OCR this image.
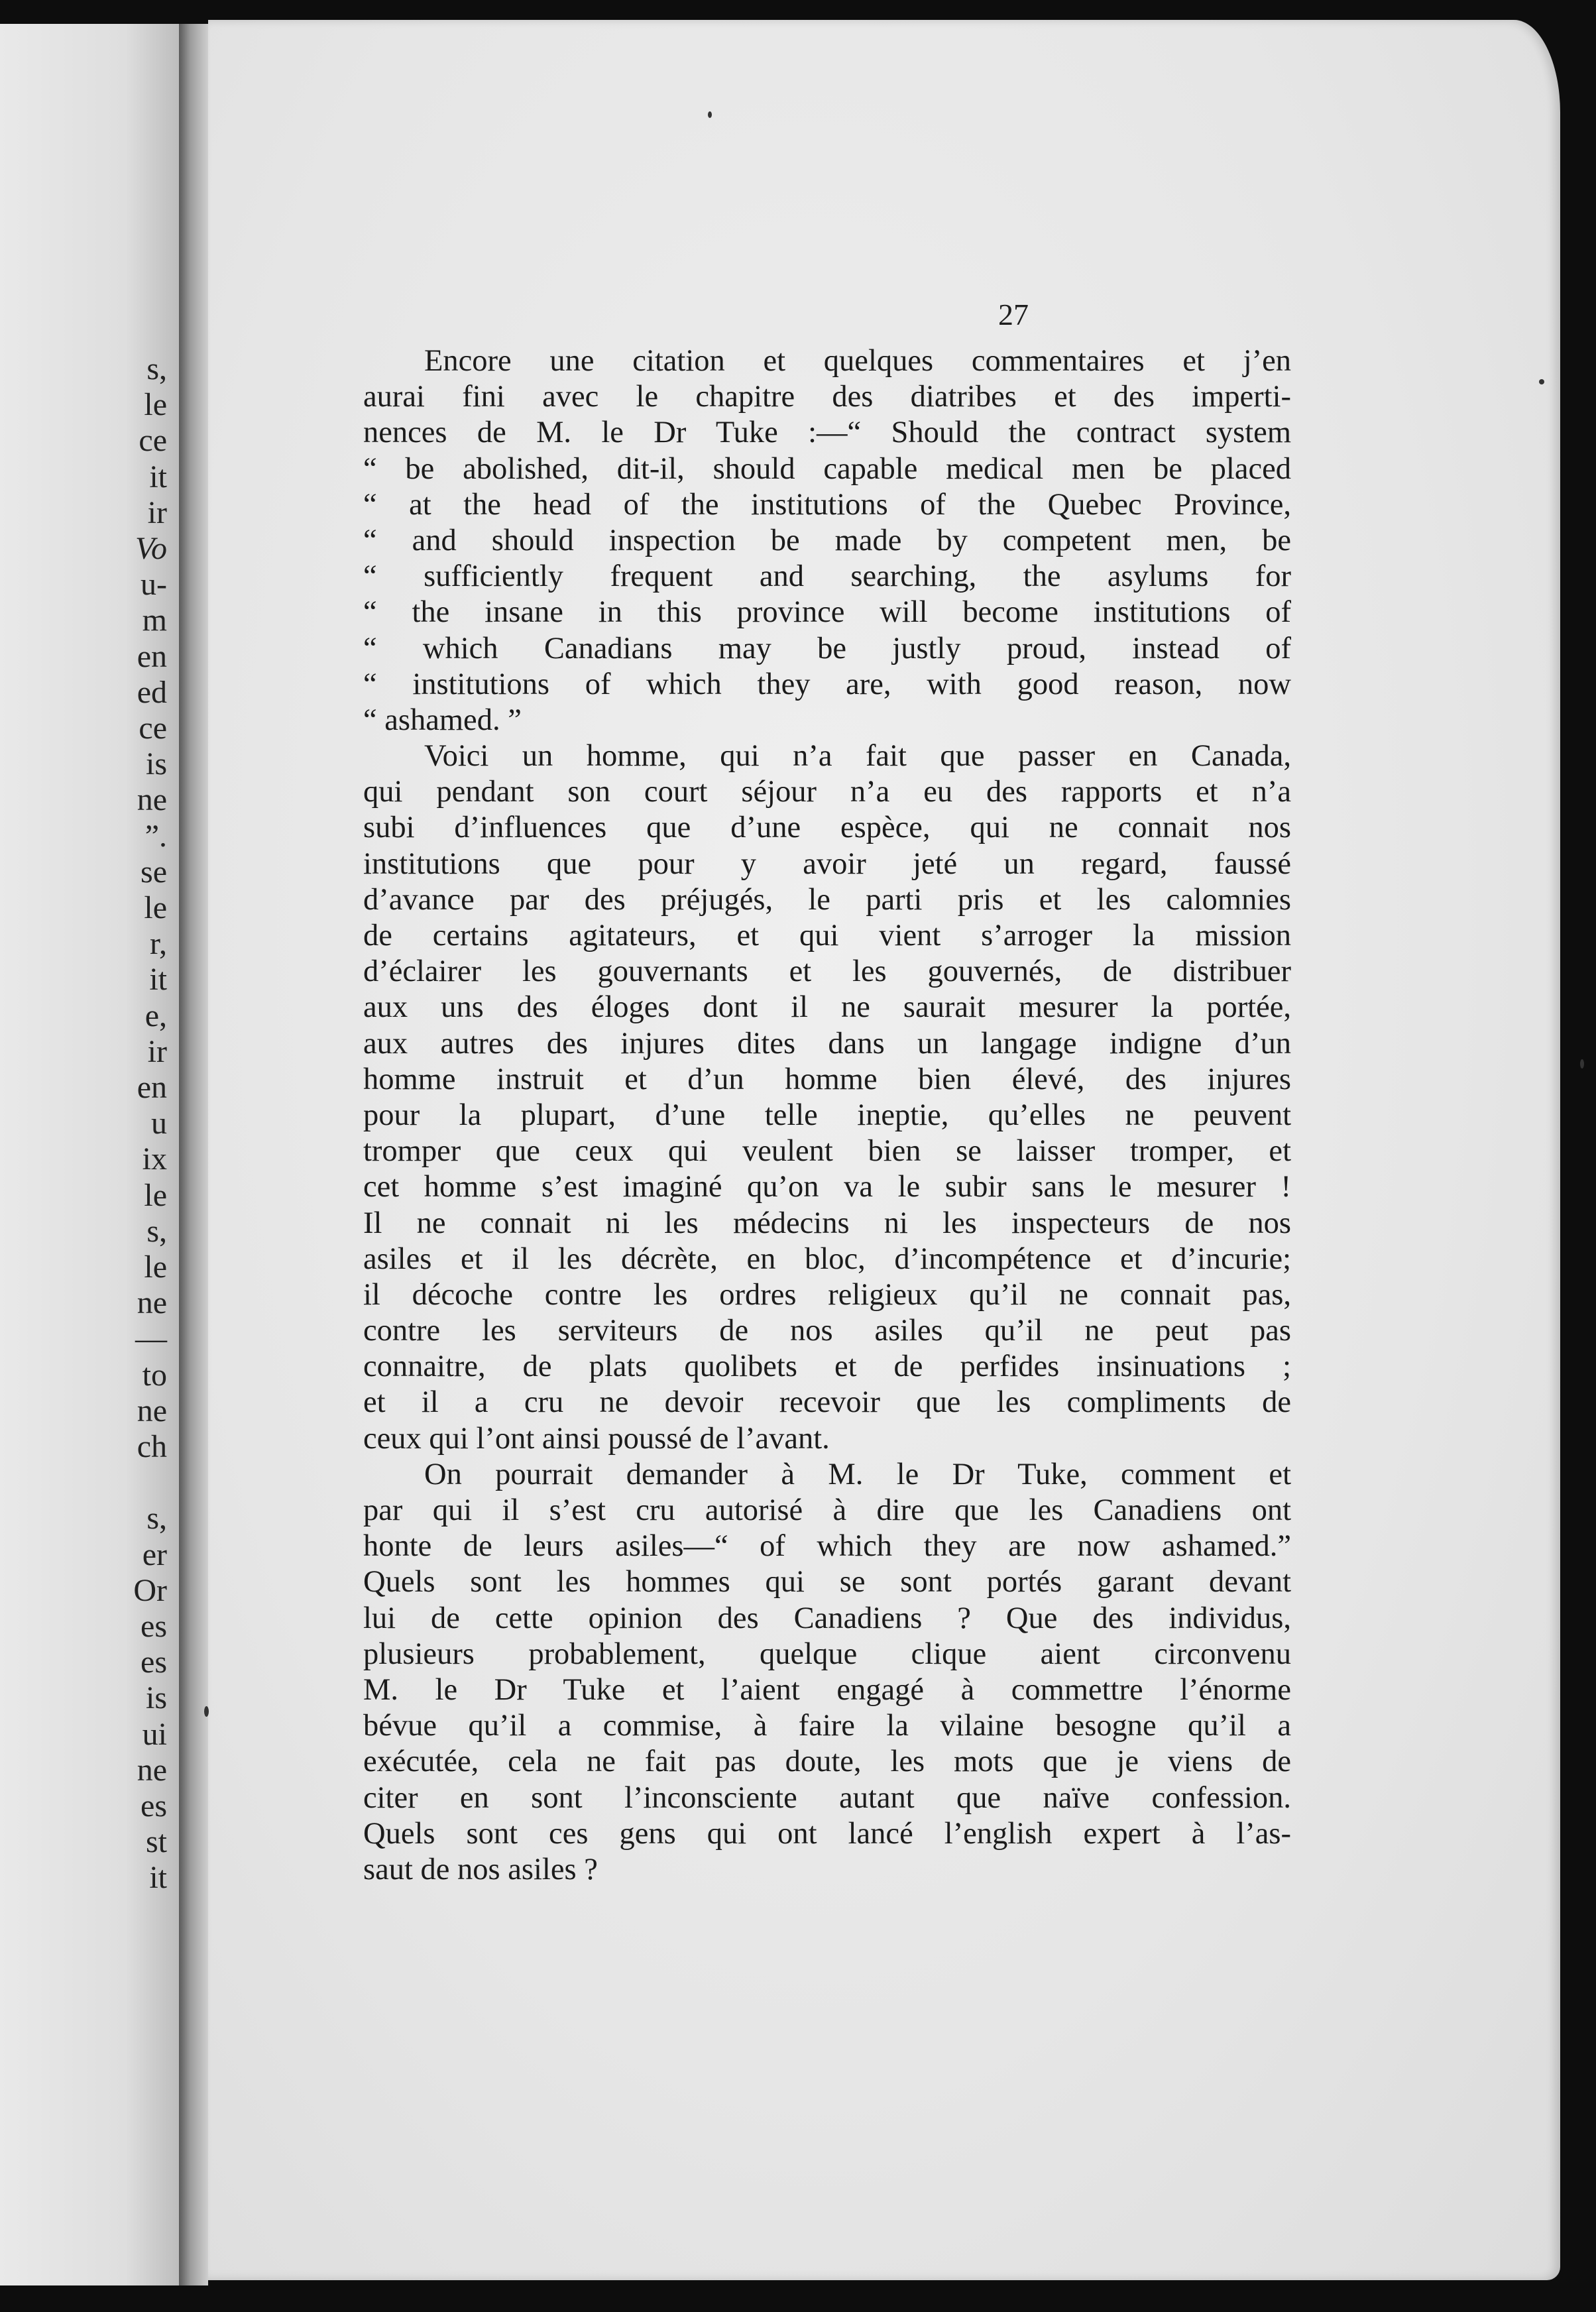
s,
le
ce
it
ir
Vo
u-
m
en
ed
ce
is
ne
”.
se
le
r,
it
e,
ir
en
u
ix
le
s,
le
ne
—
to
ne
ch
s,
er
Or
es
es
is
ui
ne
es
st
it
27
Encore une citation et quelques commentaires et j’en
aurai fini avec le chapitre des diatribes et des imperti-
nences de M. le Dr Tuke :—“ Should the contract system
“ be abolished, dit-il, should capable medical men be placed
“ at the head of the institutions of the Quebec Province,
“ and should inspection be made by competent men, be
“ sufficiently frequent and searching, the asylums for
“ the insane in this province will become institutions of
“ which Canadians may be justly proud, instead of
“ institutions of which they are, with good reason, now
“ ashamed. ”
Voici un homme, qui n’a fait que passer en Canada,
qui pendant son court séjour n’a eu des rapports et n’a
subi d’influences que d’une espèce, qui ne connait nos
institutions que pour y avoir jeté un regard, faussé
d’avance par des préjugés, le parti pris et les calomnies
de certains agitateurs, et qui vient s’arroger la mission
d’éclairer les gouvernants et les gouvernés, de distribuer
aux uns des éloges dont il ne saurait mesurer la portée,
aux autres des injures dites dans un langage indigne d’un
homme instruit et d’un homme bien élevé, des injures
pour la plupart, d’une telle ineptie, qu’elles ne peuvent
tromper que ceux qui veulent bien se laisser tromper, et
cet homme s’est imaginé qu’on va le subir sans le mesurer !
Il ne connait ni les médecins ni les inspecteurs de nos
asiles et il les décrète, en bloc, d’incompétence et d’incurie;
il décoche contre les ordres religieux qu’il ne connait pas,
contre les serviteurs de nos asiles qu’il ne peut pas
connaitre, de plats quolibets et de perfides insinuations ;
et il a cru ne devoir recevoir que les compliments de
ceux qui l’ont ainsi poussé de l’avant.
On pourrait demander à M. le Dr Tuke, comment et
par qui il s’est cru autorisé à dire que les Canadiens ont
honte de leurs asiles—“ of which they are now ashamed.”
Quels sont les hommes qui se sont portés garant devant
lui de cette opinion des Canadiens ? Que des individus,
plusieurs probablement, quelque clique aient circonvenu
M. le Dr Tuke et l’aient engagé à commettre l’énorme
bévue qu’il a commise, à faire la vilaine besogne qu’il a
exécutée, cela ne fait pas doute, les mots que je viens de
citer en sont l’inconsciente autant que naïve confession.
Quels sont ces gens qui ont lancé l’english expert à l’as-
saut de nos asiles ?
